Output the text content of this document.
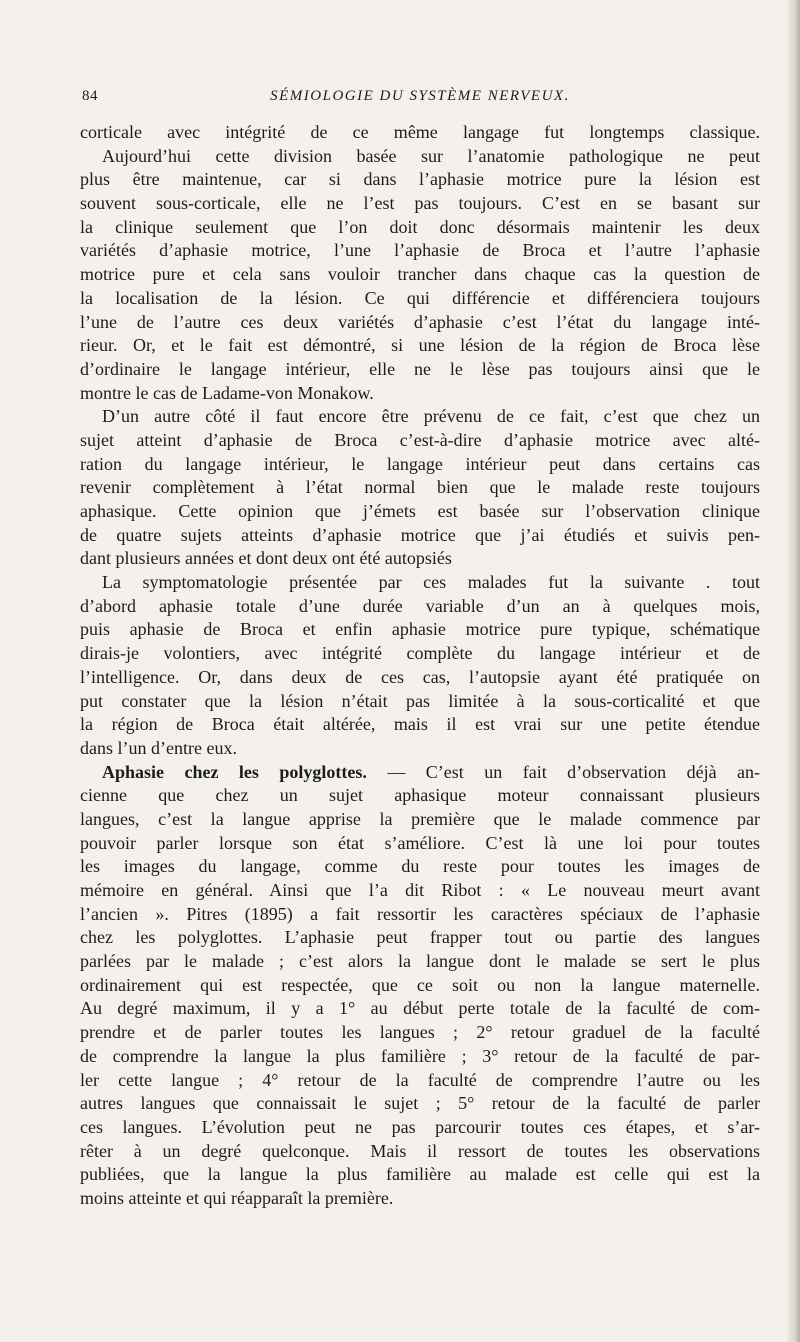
84	SÉMIOLOGIE DU SYSTÈME NERVEUX.
corticale avec intégrité de ce même langage fut longtemps classique.
Aujourd’hui cette division basée sur l’anatomie pathologique ne peut
plus être maintenue, car si dans l’aphasie motrice pure la lésion est
souvent sous-corticale, elle ne l’est pas toujours. C’est en se basant sur
la clinique seulement que l’on doit donc désormais maintenir les deux
variétés d’aphasie motrice, l’une l’aphasie de Broca et l’autre l’aphasie
motrice pure et cela sans vouloir trancher dans chaque cas la question de
la localisation de la lésion. Ce qui différencie et différenciera toujours
l’une de l’autre ces deux variétés d’aphasie c’est l’état du langage inté-
rieur. Or, et le fait est démontré, si une lésion de la région de Broca lèse
d’ordinaire le langage intérieur, elle ne le lèse pas toujours ainsi que le
montre le cas de Ladame-von Monakow.
D’un autre côté il faut encore être prévenu de ce fait, c’est que chez un
sujet atteint d’aphasie de Broca c’est-à-dire d’aphasie motrice avec alté-
ration du langage intérieur, le langage intérieur peut dans certains cas
revenir complètement à l’état normal bien que le malade reste toujours
aphasique. Cette opinion que j’émets est basée sur l’observation clinique
de quatre sujets atteints d’aphasie motrice que j’ai étudiés et suivis pen-
dant plusieurs années et dont deux ont été autopsiés
La symptomatologie présentée par ces malades fut la suivante . tout
d’abord aphasie totale d’une durée variable d’un an à quelques mois,
puis aphasie de Broca et enfin aphasie motrice pure typique, schématique
dirais-je volontiers, avec intégrité complète du langage intérieur et de
l’intelligence. Or, dans deux de ces cas, l’autopsie ayant été pratiquée on
put constater que la lésion n’était pas limitée à la sous-corticalité et que
la région de Broca était altérée, mais il est vrai sur une petite étendue
dans l’un d’entre eux.
Aphasie chez les polyglottes. — C’est un fait d’observation déjà an-
cienne que chez un sujet aphasique moteur connaissant plusieurs
langues, c’est la langue apprise la première que le malade commence par
pouvoir parler lorsque son état s’améliore. C’est là une loi pour toutes
les images du langage, comme du reste pour toutes les images de
mémoire en général. Ainsi que l’a dit Ribot : « Le nouveau meurt avant
l’ancien ». Pitres (1895) a fait ressortir les caractères spéciaux de l’aphasie
chez les polyglottes. L’aphasie peut frapper tout ou partie des langues
parlées par le malade ; c’est alors la langue dont le malade se sert le plus
ordinairement qui est respectée, que ce soit ou non la langue maternelle.
Au degré maximum, il y a 1° au début perte totale de la faculté de com-
prendre et de parler toutes les langues ; 2° retour graduel de la faculté
de comprendre la langue la plus familière ; 3° retour de la faculté de par-
ler cette langue ; 4° retour de la faculté de comprendre l’autre ou les
autres langues que connaissait le sujet ; 5° retour de la faculté de parler
ces langues. L’évolution peut ne pas parcourir toutes ces étapes, et s’ar-
rêter à un degré quelconque. Mais il ressort de toutes les observations
publiées, que la langue la plus familière au malade est celle qui est la
moins atteinte et qui réapparaît la première.
